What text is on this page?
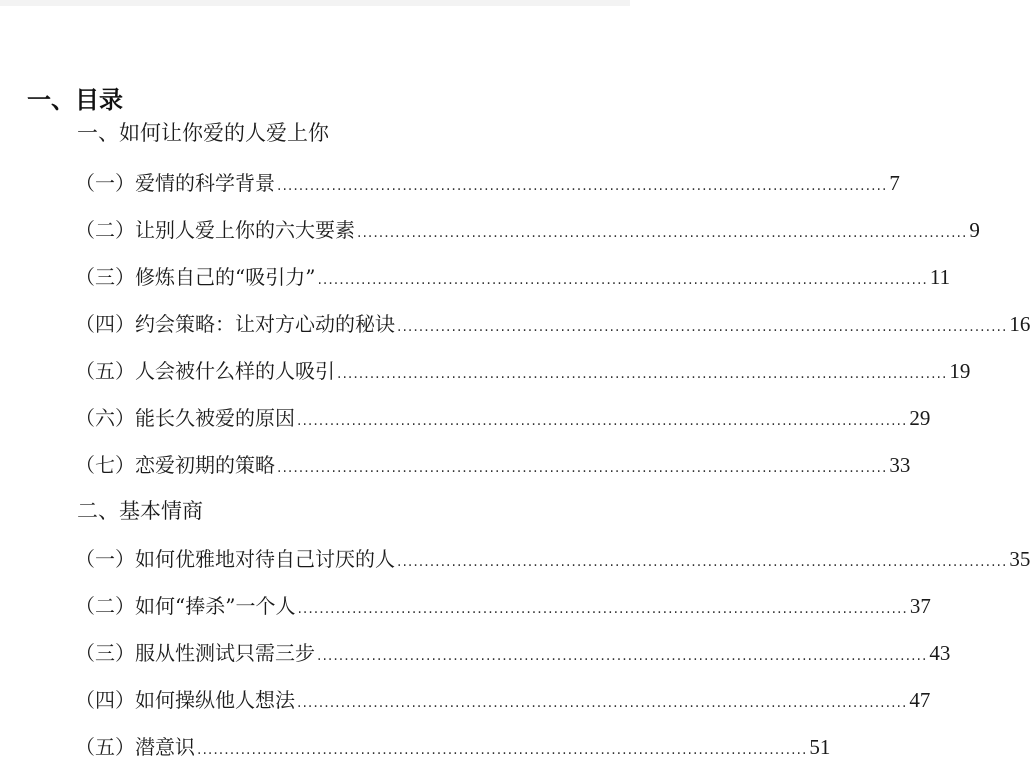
一、目录
一、如何让你爱的人爱上你
（一）爱情的科学背景 ................................................................................................................ 7
（二）让别人爱上你的六大要素 ................................................................................................................ 9
（三）修炼自己的“吸引力” ................................................................................................................ 11
（四）约会策略：让对方心动的秘诀 ................................................................................................................ 16
（五）人会被什么样的人吸引 ................................................................................................................ 19
（六）能长久被爱的原因 ................................................................................................................ 29
（七）恋爱初期的策略 ................................................................................................................ 33
二、基本情商
（一）如何优雅地对待自己讨厌的人 ................................................................................................................ 35
（二）如何“捧杀”一个人 ................................................................................................................ 37
（三）服从性测试只需三步 ................................................................................................................ 43
（四）如何操纵他人想法 ................................................................................................................ 47
（五）潜意识 ................................................................................................................ 51
